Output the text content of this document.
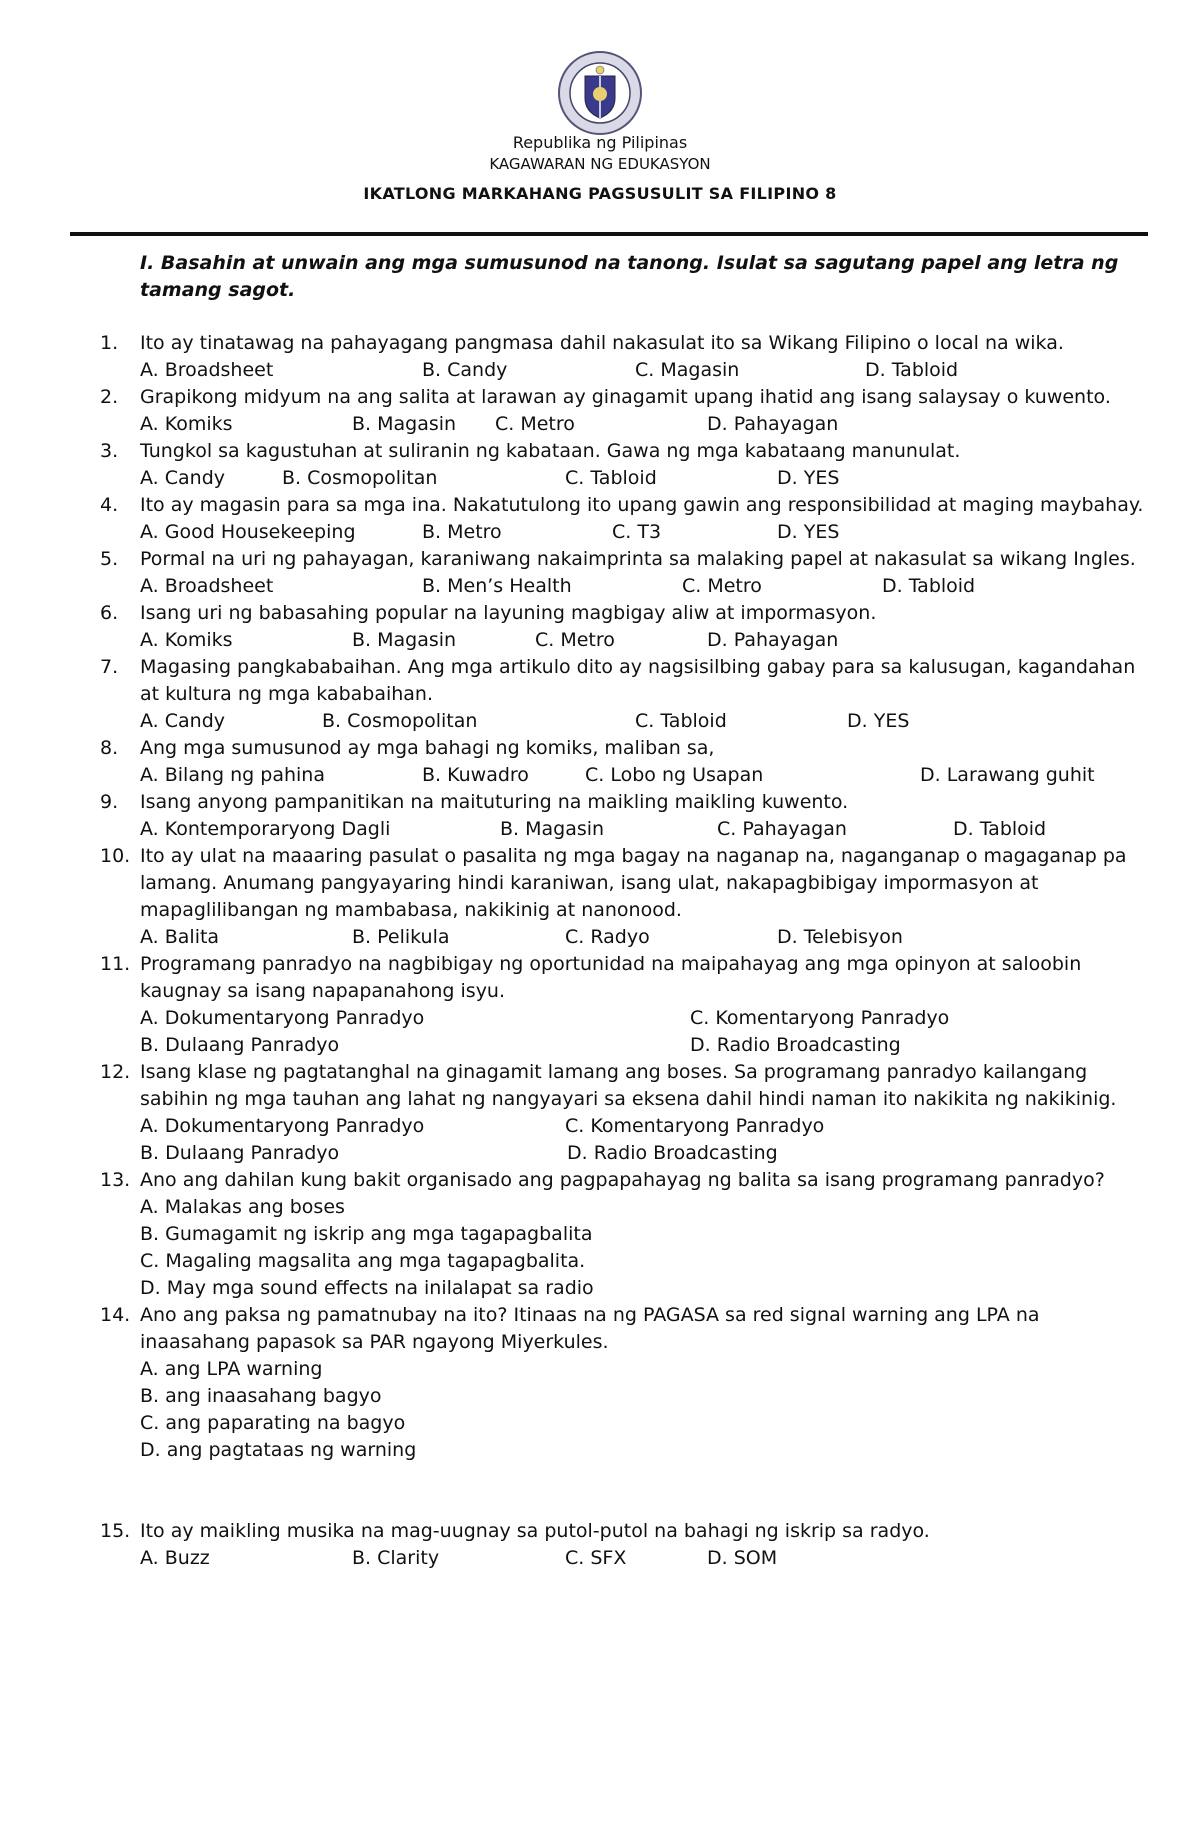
Republika ng Pilipinas
KAGAWARAN NG EDUKASYON
IKATLONG MARKAHANG PAGSUSULIT SA FILIPINO 8
I. Basahin at unwain ang mga sumusunod na tanong. Isulat sa sagutang papel ang letra ng tamang sagot.
1.	Ito ay tinatawag na pahayagang pangmasa dahil nakasulat ito sa Wikang Filipino o local na wika.
A. Broadsheet	B. Candy	C. Magasin	D. Tabloid
2.	Grapikong midyum na ang salita at larawan ay ginagamit upang ihatid ang isang salaysay o kuwento.
A. Komiks	B. Magasin C. Metro	D. Pahayagan
3.	Tungkol sa kagustuhan at suliranin ng kabataan. Gawa ng mga kabataang manunulat.
A. Candy	B. Cosmopolitan	C. Tabloid	D. YES
4.	Ito ay magasin para sa mga ina. Nakatutulong ito upang gawin ang responsibilidad at maging maybahay.
A. Good Housekeeping	B. Metro	C. T3	D. YES
5.	Pormal na uri ng pahayagan, karaniwang nakaimprinta sa malaking papel at nakasulat sa wikang Ingles.
A. Broadsheet	B. Men’s Health	C. Metro	D. Tabloid
6.	Isang uri ng babasahing popular na layuning magbigay aliw at impormasyon.
A. Komiks	B. Magasin	C. Metro	D. Pahayagan
7.	Magasing pangkababaihan. Ang mga artikulo dito ay nagsisilbing gabay para sa kalusugan, kagandahan at kultura ng mga kababaihan.
A. Candy	B. Cosmopolitan	C. Tabloid	D. YES
8.	Ang mga sumusunod ay mga bahagi ng komiks, maliban sa,
A. Bilang ng pahina	B. Kuwadro	C. Lobo ng Usapan	D. Larawang guhit
9.	Isang anyong pampanitikan na maituturing na maikling maikling kuwento.
A. Kontemporaryong Dagli	B. Magasin	C. Pahayagan	D. Tabloid
10. Ito ay ulat na maaaring pasulat o pasalita ng mga bagay na naganap na, naganganap o magaganap pa lamang. Anumang pangyayaring hindi karaniwan, isang ulat, nakapagbibigay impormasyon at mapaglilibangan ng mambabasa, nakikinig at nanonood.
A. Balita	B. Pelikula	C. Radyo	D. Telebisyon
11. Programang panradyo na nagbibigay ng oportunidad na maipahayag ang mga opinyon at saloobin kaugnay sa isang napapanahong isyu.
A. Dokumentaryong Panradyo	C. Komentaryong Panradyo
B. Dulaang Panradyo	D. Radio Broadcasting
12. Isang klase ng pagtatanghal na ginagamit lamang ang boses. Sa programang panradyo kailangang sabihin ng mga tauhan ang lahat ng nangyayari sa eksena dahil hindi naman ito nakikita ng nakikinig.
A. Dokumentaryong Panradyo	C. Komentaryong Panradyo
B. Dulaang Panradyo	D. Radio Broadcasting
13. Ano ang dahilan kung bakit organisado ang pagpapahayag ng balita sa isang programang panradyo?
A. Malakas ang boses
B. Gumagamit ng iskrip ang mga tagapagbalita
C. Magaling magsalita ang mga tagapagbalita.
D. May mga sound effects na inilalapat sa radio
14. Ano ang paksa ng pamatnubay na ito? Itinaas na ng PAGASA sa red signal warning ang LPA na inaasahang papasok sa PAR ngayong Miyerkules.
A. ang LPA warning
B. ang inaasahang bagyo
C. ang paparating na bagyo
D. ang pagtataas ng warning
15. Ito ay maikling musika na mag-uugnay sa putol-putol na bahagi ng iskrip sa radyo.
A. Buzz	B. Clarity	C. SFX	D. SOM
